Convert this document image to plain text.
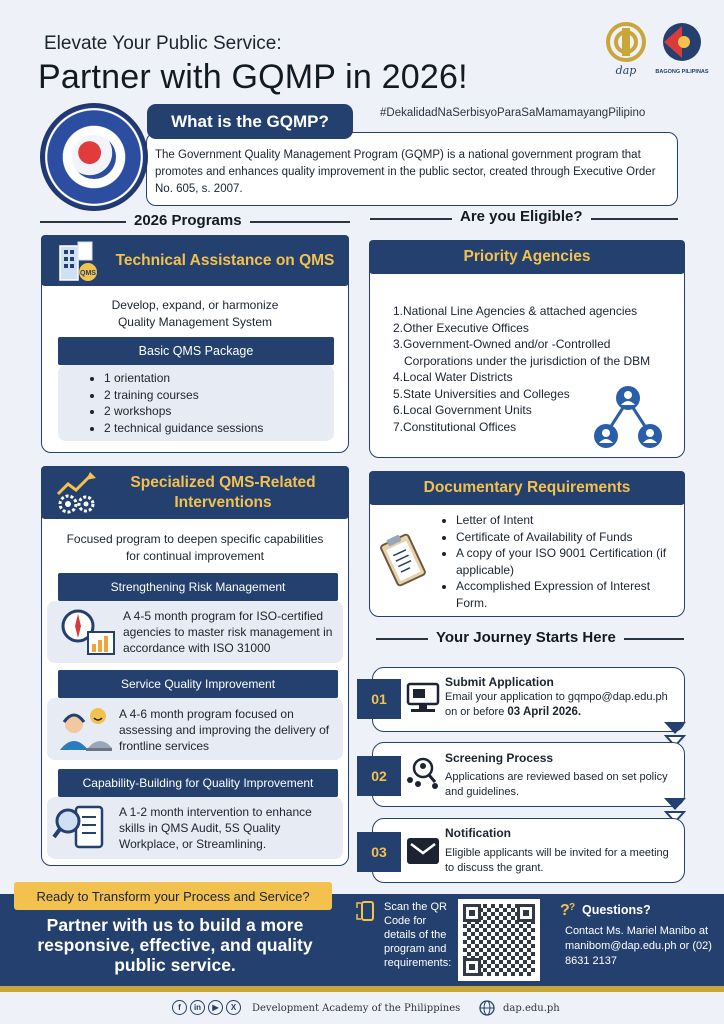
Elevate Your Public Service:
Partner with GQMP in 2026!	dap	BAGONG PILIPINAS
#DekalidadNaSerbisyoParaSaMamamayangPilipino
The Government Quality Management Program (GQMP) is a national government program that promotes and enhances quality improvement in the public sector, created through Executive Order No. 605, s. 2007.
What is the GQMP?
2026 Programs	Are you Eligible?
Technical Assistance on QMS
QMS
Develop, expand, or harmonize
Quality Management System
Basic QMS Package
• 1 orientation
• 2 training courses
• 2 workshops
• 2 technical guidance sessions
Specialized QMS-Related
Interventions
Focused program to deepen specific capabilities
for continual improvement
Strengthening Risk Management
A 4-5 month program for ISO-certified agencies to master risk management in accordance with ISO 31000
Service Quality Improvement
A 4-6 month program focused on assessing and improving the delivery of frontline services
Capability-Building for Quality Improvement
A 1-2 month intervention to enhance skills in QMS Audit, 5S Quality Workplace, or Streamlining.
Priority Agencies
1.National Line Agencies & attached agencies
2.Other Executive Offices
3.Government-Owned and/or -Controlled
Corporations under the jurisdiction of the DBM
4.Local Water Districts
5.State Universities and Colleges
6.Local Government Units
7.Constitutional Offices
Documentary Requirements
• Letter of Intent
• Certificate of Availability of Funds
• A copy of your ISO 9001 Certification (if applicable)
• Accomplished Expression of Interest Form.
Your Journey Starts Here
01
Submit Application
Email your application to gqmpo@dap.edu.ph on or before 03 April 2026.
02
Screening Process
Applications are reviewed based on set policy and guidelines.
03
Notification
Eligible applicants will be invited for a meeting to discuss the grant.
Ready to Transform your Process and Service?
Partner with us to build a more responsive, effective, and quality public service.
Scan the QR Code for details of the program and requirements:
? ? Questions?
Contact Ms. Mariel Manibo at manibom@dap.edu.ph or (02) 8631 2137
f	in	▶	X	Development Academy of the Philippines	dap.edu.ph
